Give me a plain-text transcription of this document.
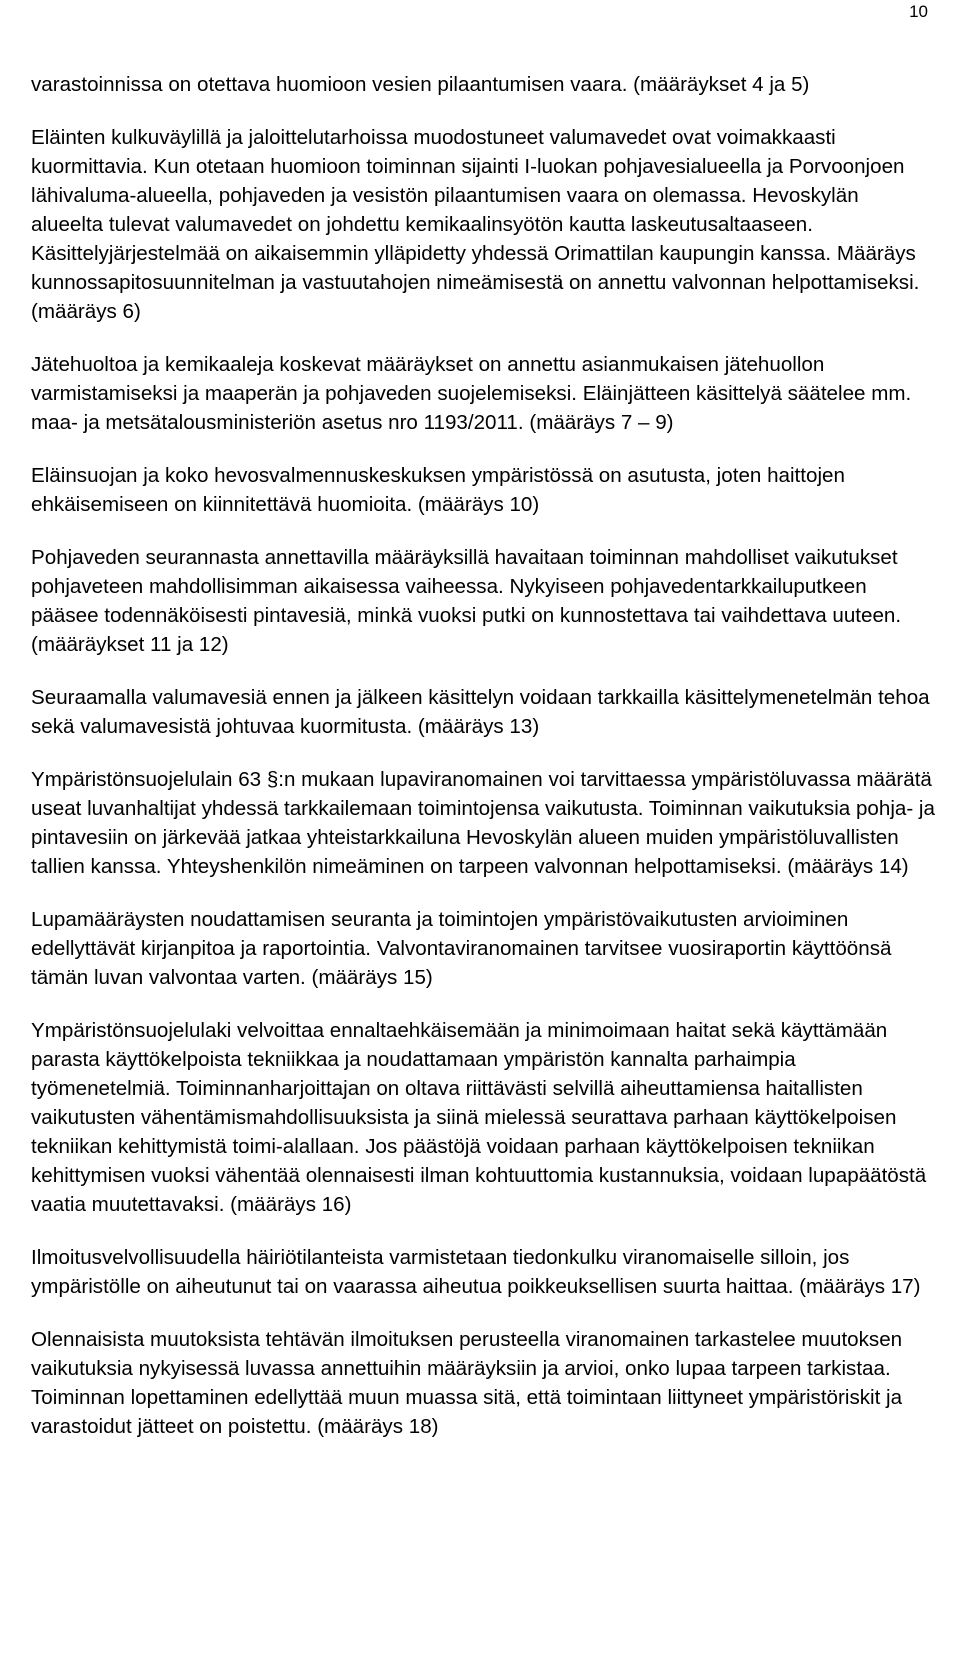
10

varastoinnissa on otettava huomioon vesien pilaantumisen vaara. (määräykset 4 ja 5)

Eläinten kulkuväylillä ja jaloittelutarhoissa muodostuneet valumavedet ovat voimakkaasti kuormittavia. Kun otetaan huomioon toiminnan sijainti I-luokan pohjavesialueella ja Porvoonjoen lähivaluma-alueella, pohjaveden ja vesistön pilaantumisen vaara on olemassa. Hevoskylän alueelta tulevat valumavedet on johdettu kemikaalinsyötön kautta laskeutusaltaaseen. Käsittelyjärjestelmää on aikaisemmin ylläpidetty yhdessä Orimattilan kaupungin kanssa. Määräys kunnossapitosuunnitelman ja vastuutahojen nimeämisestä on annettu valvonnan helpottamiseksi. (määräys 6)

Jätehuoltoa ja kemikaaleja koskevat määräykset on annettu asianmukaisen jätehuollon varmistamiseksi ja maaperän ja pohjaveden suojelemiseksi. Eläinjätteen käsittelyä säätelee mm. maa- ja metsätalousministeriön asetus nro 1193/2011. (määräys 7 – 9)

Eläinsuojan ja koko hevosvalmennuskeskuksen ympäristössä on asutusta, joten haittojen ehkäisemiseen on kiinnitettävä huomioita. (määräys 10)

Pohjaveden seurannasta annettavilla määräyksillä havaitaan toiminnan mahdolliset vaikutukset pohjaveteen mahdollisimman aikaisessa vaiheessa. Nykyiseen pohjavedentarkkailuputkeen pääsee todennäköisesti pintavesiä, minkä vuoksi putki on kunnostettava tai vaihdettava uuteen. (määräykset 11 ja 12)

Seuraamalla valumavesiä ennen ja jälkeen käsittelyn voidaan tarkkailla käsittelymenetelmän tehoa sekä valumavesistä johtuvaa kuormitusta. (määräys 13)

Ympäristönsuojelulain 63 §:n mukaan lupaviranomainen voi tarvittaessa ympäristöluvassa määrätä useat luvanhaltijat yhdessä tarkkailemaan toimintojensa vaikutusta. Toiminnan vaikutuksia pohja- ja pintavesiin on järkevää jatkaa yhteistarkkailuna Hevoskylän alueen muiden ympäristöluvallisten tallien kanssa. Yhteyshenkilön nimeäminen on tarpeen valvonnan helpottamiseksi. (määräys 14)

Lupamääräysten noudattamisen seuranta ja toimintojen ympäristövaikutusten arvioiminen edellyttävät kirjanpitoa ja raportointia. Valvontaviranomainen tarvitsee vuosiraportin käyttöönsä tämän luvan valvontaa varten. (määräys 15)

Ympäristönsuojelulaki velvoittaa ennaltaehkäisemään ja minimoimaan haitat sekä käyttämään parasta käyttökelpoista tekniikkaa ja noudattamaan ympäristön kannalta parhaimpia työmenetelmiä. Toiminnanharjoittajan on oltava riittävästi selvillä aiheuttamiensa haitallisten vaikutusten vähentämismahdollisuuksista ja siinä mielessä seurattava parhaan käyttökelpoisen tekniikan kehittymistä toimi-alallaan. Jos päästöjä voidaan parhaan käyttökelpoisen tekniikan kehittymisen vuoksi vähentää olennaisesti ilman kohtuuttomia kustannuksia, voidaan lupapäätöstä vaatia muutettavaksi. (määräys 16)

Ilmoitusvelvollisuudella häiriötilanteista varmistetaan tiedonkulku viranomaiselle silloin, jos ympäristölle on aiheutunut tai on vaarassa aiheutua poikkeuksellisen suurta haittaa. (määräys 17)

Olennaisista muutoksista tehtävän ilmoituksen perusteella viranomainen tarkastelee muutoksen vaikutuksia nykyisessä luvassa annettuihin määräyksiin ja arvioi, onko lupaa tarpeen tarkistaa. Toiminnan lopettaminen edellyttää muun muassa sitä, että toimintaan liittyneet ympäristöriskit ja varastoidut jätteet on poistettu. (määräys 18)
